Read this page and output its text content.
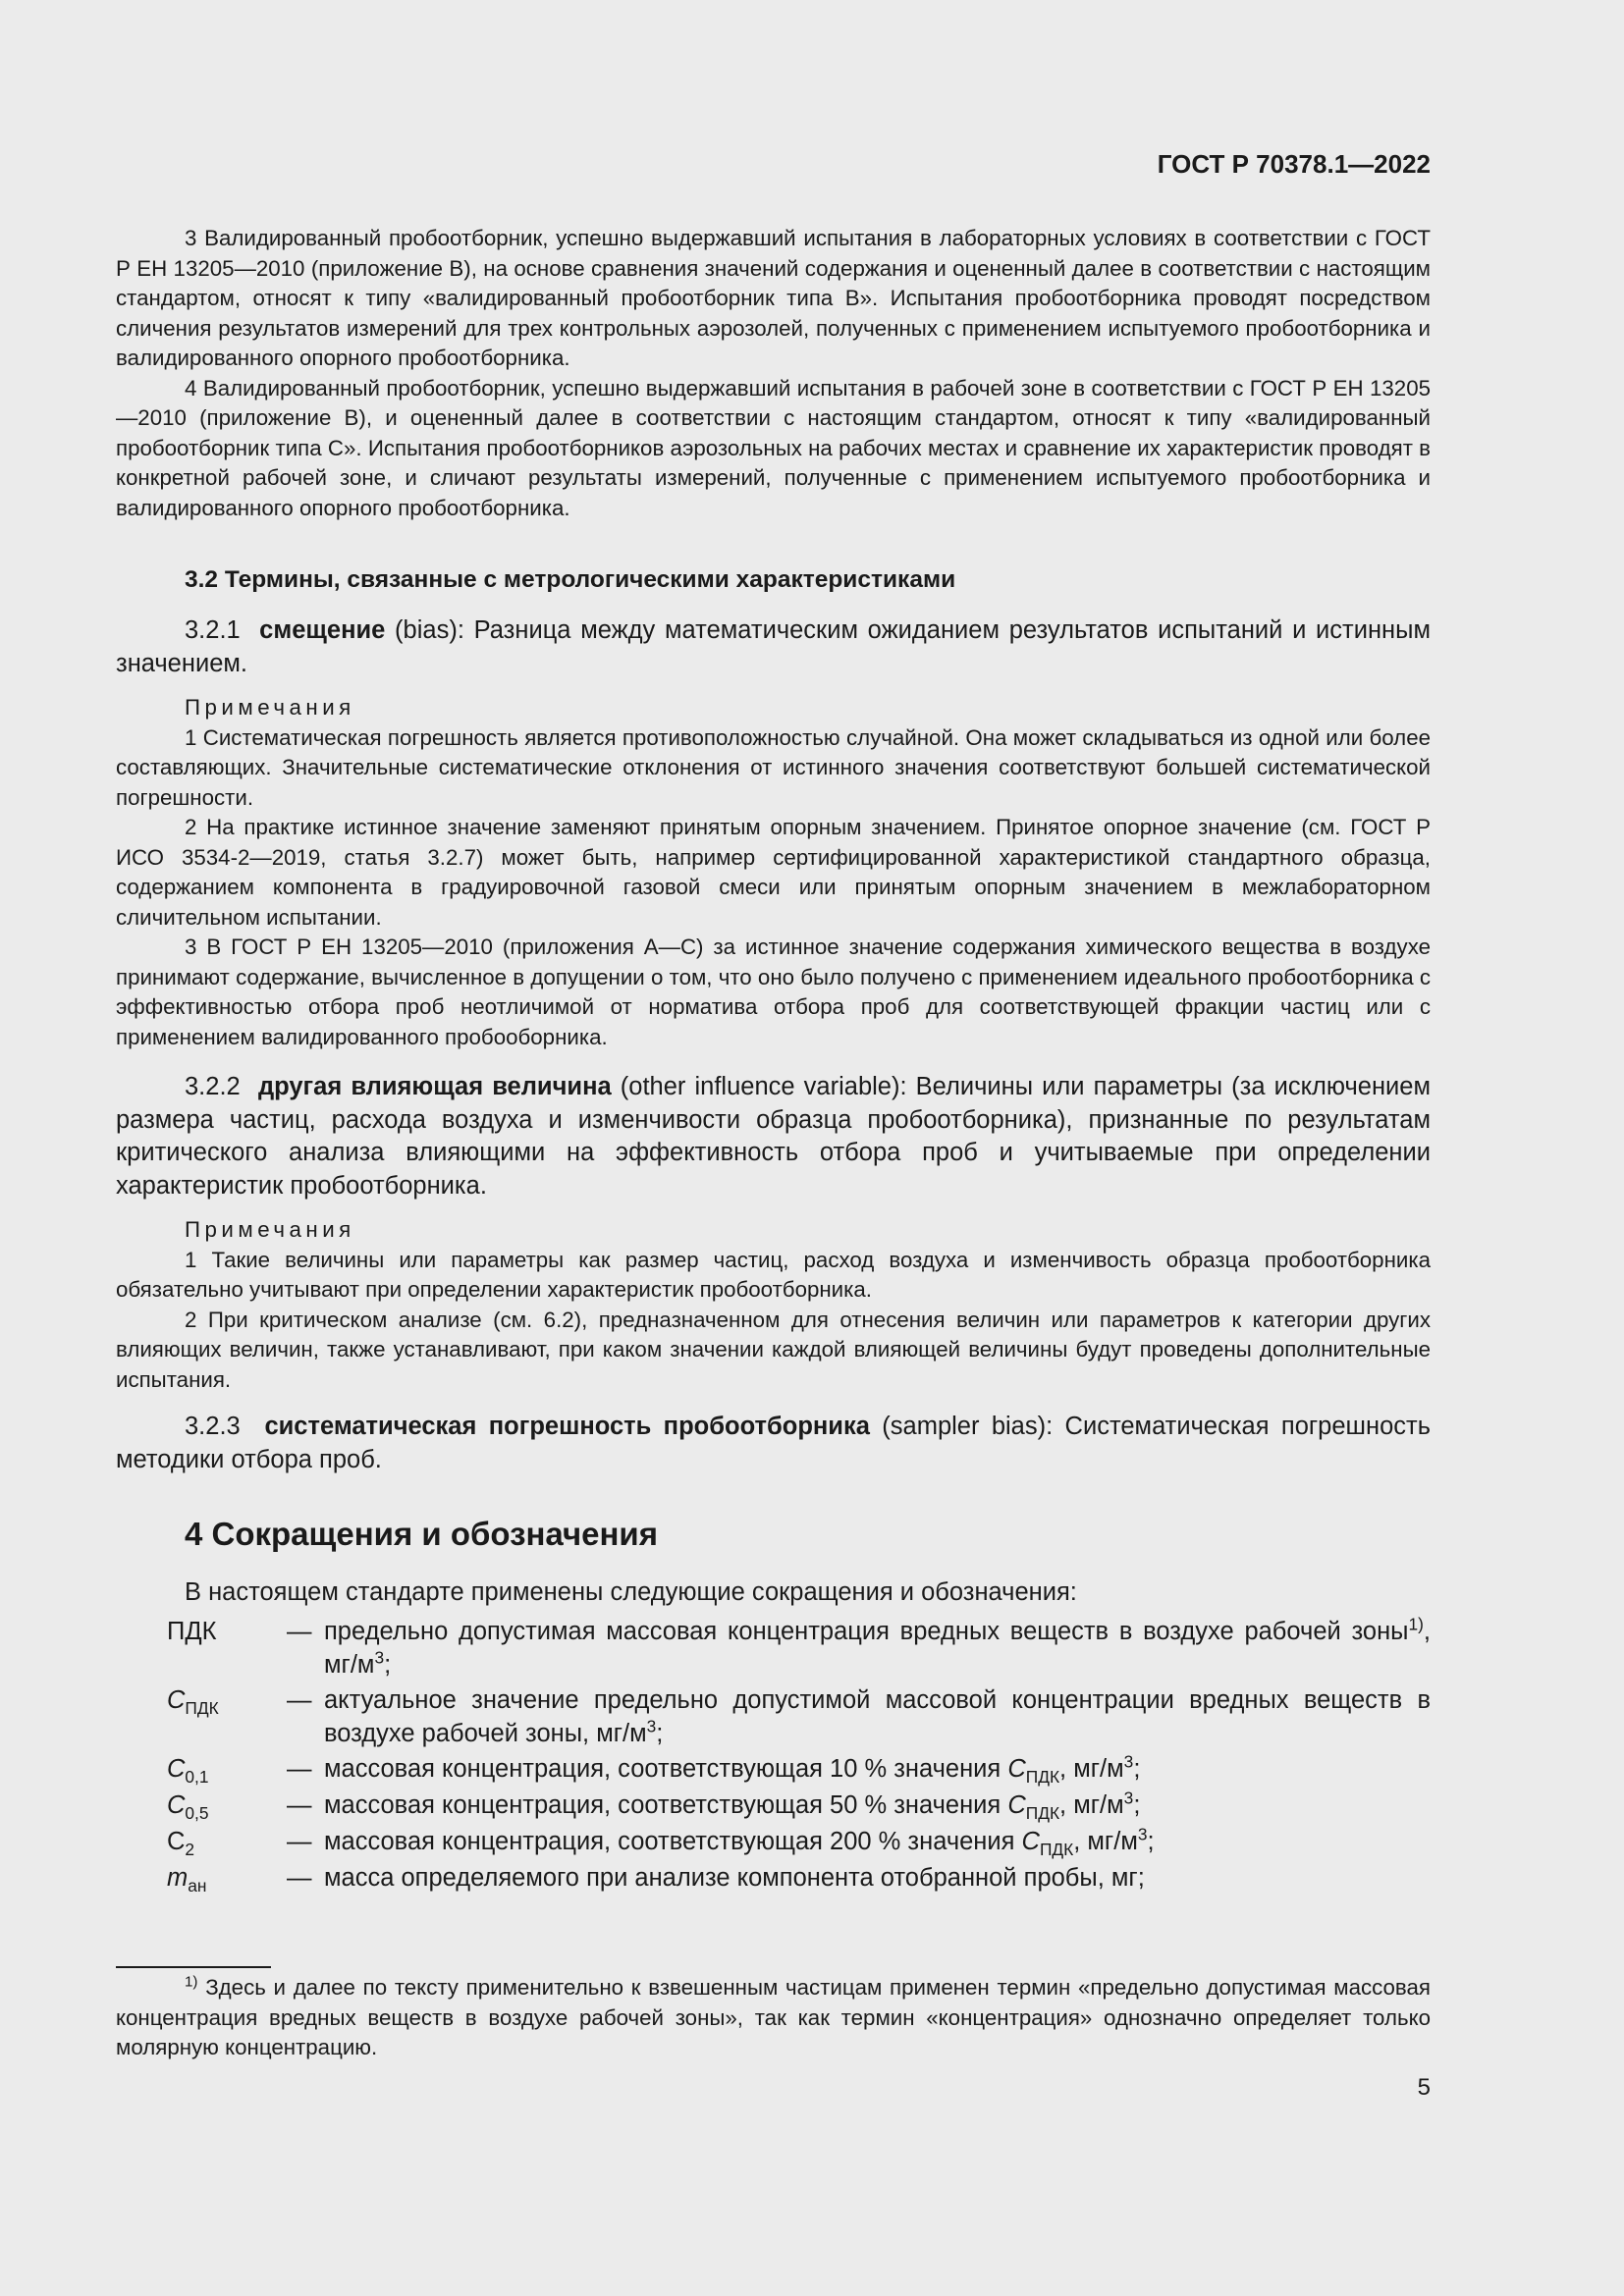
ГОСТ Р 70378.1—2022

3 Валидированный пробоотборник, успешно выдержавший испытания в лабораторных условиях в соответствии с ГОСТ Р ЕН 13205—2010 (приложение В), на основе сравнения значений содержания и оцененный далее в соответствии с настоящим стандартом, относят к типу «валидированный пробоотборник типа В». Испытания пробоотборника проводят посредством сличения результатов измерений для трех контрольных аэрозолей, полученных с применением испытуемого пробоотборника и валидированного опорного пробоотборника.

4 Валидированный пробоотборник, успешно выдержавший испытания в рабочей зоне в соответствии с ГОСТ Р ЕН 13205—2010 (приложение В), и оцененный далее в соответствии с настоящим стандартом, относят к типу «валидированный пробоотборник типа С». Испытания пробоотборников аэрозольных на рабочих местах и сравнение их характеристик проводят в конкретной рабочей зоне, и сличают результаты измерений, полученные с применением испытуемого пробоотборника и валидированного опорного пробоотборника.

3.2 Термины, связанные с метрологическими характеристиками

3.2.1 смещение (bias): Разница между математическим ожиданием результатов испытаний и истинным значением.

Примечания

1 Систематическая погрешность является противоположностью случайной. Она может складываться из одной или более составляющих. Значительные систематические отклонения от истинного значения соответствуют большей систематической погрешности.

2 На практике истинное значение заменяют принятым опорным значением. Принятое опорное значение (см. ГОСТ Р ИСО 3534-2—2019, статья 3.2.7) может быть, например сертифицированной характеристикой стандартного образца, содержанием компонента в градуировочной газовой смеси или принятым опорным значением в межлабораторном сличительном испытании.

3 В ГОСТ Р ЕН 13205—2010 (приложения А—С) за истинное значение содержания химического вещества в воздухе принимают содержание, вычисленное в допущении о том, что оно было получено с применением идеального пробоотборника с эффективностью отбора проб неотличимой от норматива отбора проб для соответствующей фракции частиц или с применением валидированного пробооборника.

3.2.2 другая влияющая величина (other influence variable): Величины или параметры (за исключением размера частиц, расхода воздуха и изменчивости образца пробоотборника), признанные по результатам критического анализа влияющими на эффективность отбора проб и учитываемые при определении характеристик пробоотборника.

Примечания

1 Такие величины или параметры как размер частиц, расход воздуха и изменчивость образца пробоотборника обязательно учитывают при определении характеристик пробоотборника.

2 При критическом анализе (см. 6.2), предназначенном для отнесения величин или параметров к категории других влияющих величин, также устанавливают, при каком значении каждой влияющей величины будут проведены дополнительные испытания.

3.2.3 систематическая погрешность пробоотборника (sampler bias): Систематическая погрешность методики отбора проб.

4 Сокращения и обозначения
В настоящем стандарте применены следующие сокращения и обозначения:
ПДК	— предельно допустимая массовая концентрация вредных веществ в воздухе рабочей зоны$^{1)}$, $мг/м^3$;
$C_{ПДК}$	— актуальное значение предельно допустимой массовой концентрации вредных веществ в воздухе рабочей зоны, $мг/м^3$;
$C_{0,1}$	— массовая концентрация, соответствующая 10 % значения $C_{ПДК}$, $мг/м^3$;
$C_{0,5}$	— массовая концентрация, соответствующая 50 % значения $C_{ПДК}$, $мг/м^3$;
$C_2$	— массовая концентрация, соответствующая 200 % значения $C_{ПДК}$, $мг/м^3$;
$m_{ан}$	— масса определяемого при анализе компонента отобранной пробы, мг;

$^{1)}$ Здесь и далее по тексту применительно к взвешенным частицам применен термин «предельно допустимая массовая концентрация вредных веществ в воздухе рабочей зоны», так как термин «концентрация» однозначно определяет только молярную концентрацию.

5
